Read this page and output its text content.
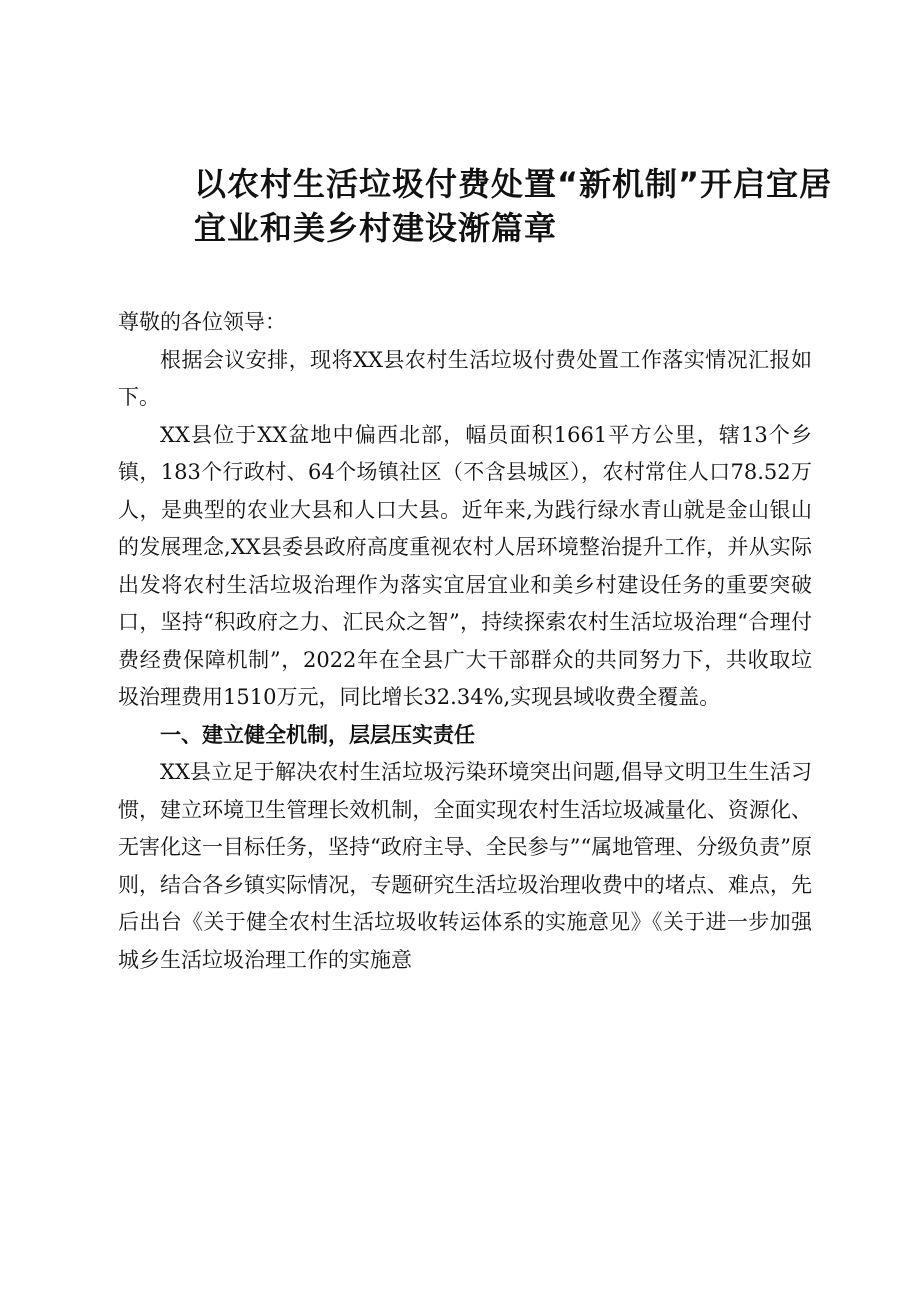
以农村生活垃圾付费处置“新机制”开启宜居
宜业和美乡村建设渐篇章

尊敬的各位领导：

根据会议安排，现将XX县农村生活垃圾付费处置工作落实情况汇报如下。

XX县位于XX盆地中偏西北部，幅员面积1661平方公里，辖13个乡镇，183个行政村、64个场镇社区（不含县城区），农村常住人口78.52万人，是典型的农业大县和人口大县。近年来,为践行绿水青山就是金山银山的发展理念,XX县委县政府高度重视农村人居环境整治提升工作，并从实际出发将农村生活垃圾治理作为落实宜居宜业和美乡村建设任务的重要突破口，坚持“积政府之力、汇民众之智”，持续探索农村生活垃圾治理“合理付费经费保障机制”，2022年在全县广大干部群众的共同努力下，共收取垃圾治理费用1510万元，同比增长32.34%,实现县域收费全覆盖。

一、建立健全机制，层层压实责任

XX县立足于解决农村生活垃圾污染环境突出问题,倡导文明卫生生活习惯，建立环境卫生管理长效机制，全面实现农村生活垃圾减量化、资源化、无害化这一目标任务，坚持“政府主导、全民参与”“属地管理、分级负责”原则，结合各乡镇实际情况，专题研究生活垃圾治理收费中的堵点、难点，先后出台《关于健全农村生活垃圾收转运体系的实施意见》《关于进一步加强城乡生活垃圾治理工作的实施意
